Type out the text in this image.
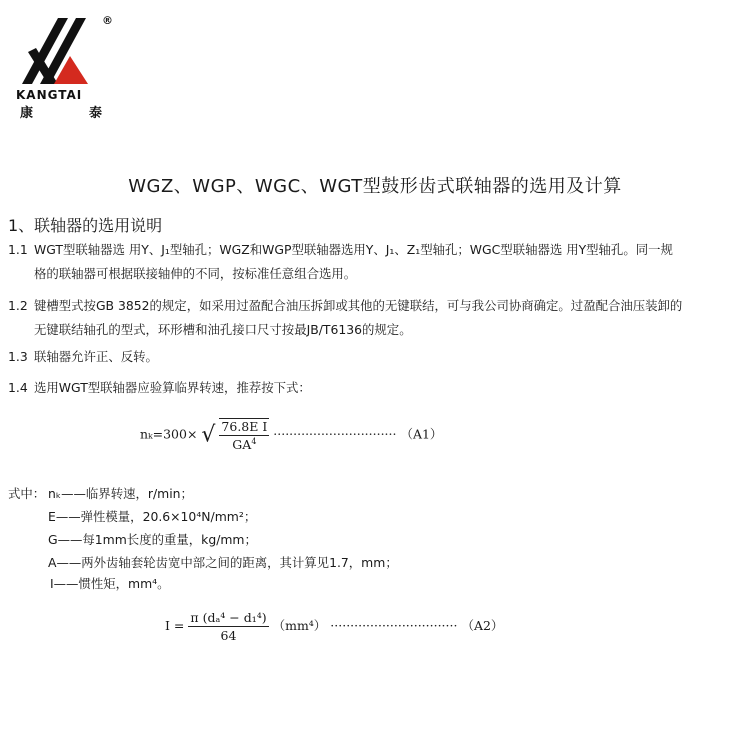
®
KANGTAI
康	泰
WGZ、WGP、WGC、WGT型鼓形齿式联轴器的选用及计算
1、联轴器的选用说明
1.1 WGT型联轴器选 用Y、J₁型轴孔；WGZ和WGP型联轴器选用Y、J₁、Z₁型轴孔；WGC型联轴器选 用Y型轴孔。同一规
格的联轴器可根据联接轴伸的不同，按标准任意组合选用。
1.2 键槽型式按GB 3852的规定，如采用过盈配合油压拆卸或其他的无键联结，可与我公司协商确定。过盈配合油压装卸的
无键联结轴孔的型式，环形槽和油孔接口尺寸按最JB/T6136的规定。
1.3 联轴器允许正、反转。
1.4 选用WGT型联轴器应验算临界转速，推荐按下式：
nₖ=300× √ $\frac{\text{76.8E I}}{GA^4}$ ······························· （A1）
式中： nₖ——临界转速，r/min；
E——弹性模量，20.6×10⁴N/mm²；
G——每1mm长度的重量，kg/mm；
A——两外齿轴套轮齿宽中部之间的距离，其计算见1.7，mm；
I——惯性矩，mm⁴。
$I = \frac{\text{π (dₐ⁴ − d₁⁴)}}{64} (mm^4)$ ································ （A2）
